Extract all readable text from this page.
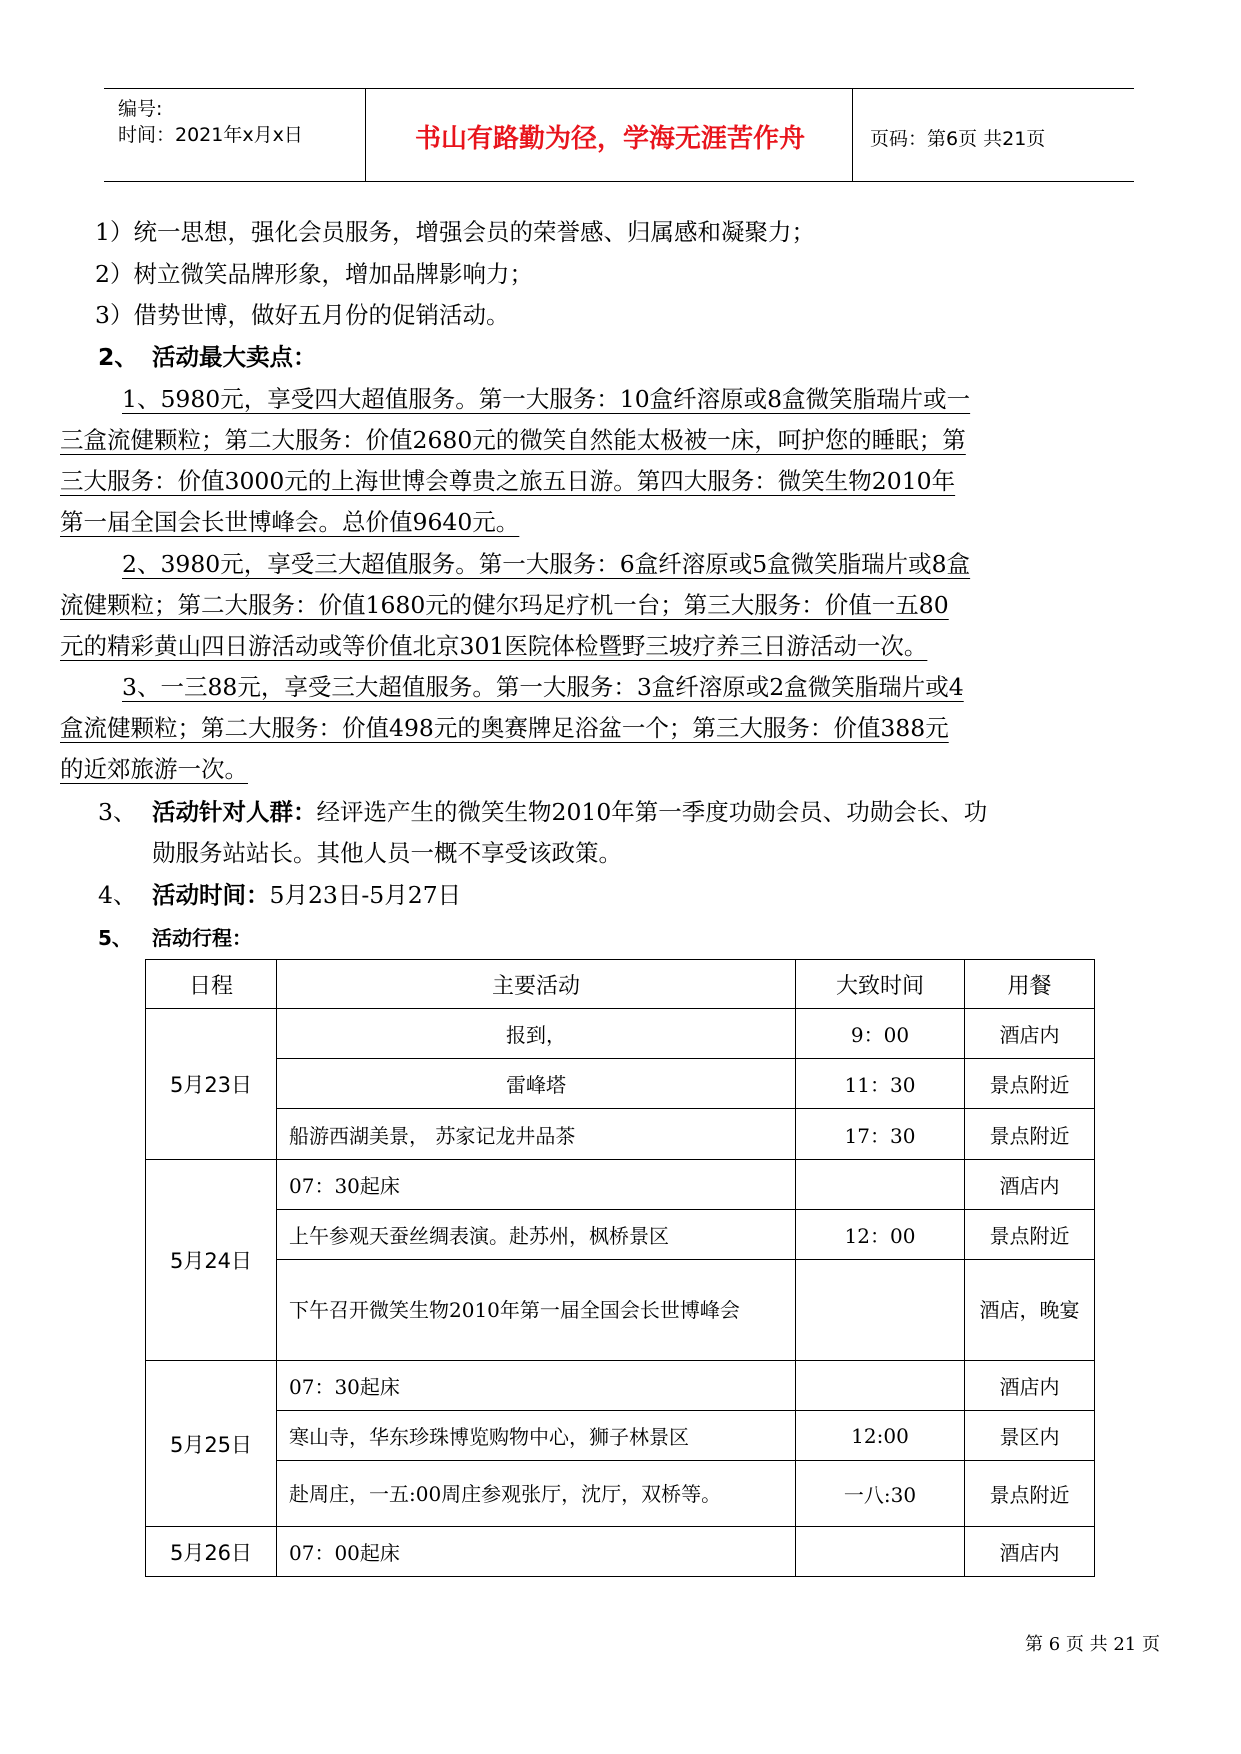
编号:
时间：2021年x月x日	书山有路勤为径，学海无涯苦作舟	页码：第6页 共21页
1）统一思想，强化会员服务，增强会员的荣誉感、归属感和凝聚力；
2）树立微笑品牌形象，增加品牌影响力；
3）借势世博，做好五月份的促销活动。
2、 活动最大卖点：
1、5980元，享受四大超值服务。第一大服务：10盒纤溶原或8盒微笑脂瑞片或一
三盒流健颗粒；第二大服务：价值2680元的微笑自然能太极被一床，呵护您的睡眠；第
三大服务：价值3000元的上海世博会尊贵之旅五日游。第四大服务：微笑生物2010年
第一届全国会长世博峰会。总价值9640元。
2、3980元，享受三大超值服务。第一大服务：6盒纤溶原或5盒微笑脂瑞片或8盒
流健颗粒；第二大服务：价值1680元的健尔玛足疗机一台；第三大服务：价值一五80
元的精彩黄山四日游活动或等价值北京301医院体检暨野三坡疗养三日游活动一次。
3、一三88元，享受三大超值服务。第一大服务：3盒纤溶原或2盒微笑脂瑞片或4
盒流健颗粒；第二大服务：价值498元的奥赛牌足浴盆一个；第三大服务：价值388元
的近郊旅游一次。
3、 活动针对人群：经评选产生的微笑生物2010年第一季度功勋会员、功勋会长、功
勋服务站站长。其他人员一概不享受该政策。
4、 活动时间：5月23日-5月27日
5、 活动行程：
日程	主要活动	大致时间	用餐
5月23日	报到，	9：00	酒店内
	雷峰塔	11：30	景点附近
	船游西湖美景， 苏家记龙井品茶	17：30	景点附近
5月24日	07：30起床		酒店内
	上午参观天蚕丝绸表演。赴苏州，枫桥景区	12：00	景点附近
	下午召开微笑生物2010年第一届全国会长世博峰会		酒店，晚宴
5月25日	07：30起床		酒店内
	寒山寺，华东珍珠博览购物中心，狮子林景区	12:00	景区内
	赴周庄，一五:00周庄参观张厅，沈厅，双桥等。	一八:30	景点附近
5月26日	07：00起床		酒店内
第 6 页 共 21 页
